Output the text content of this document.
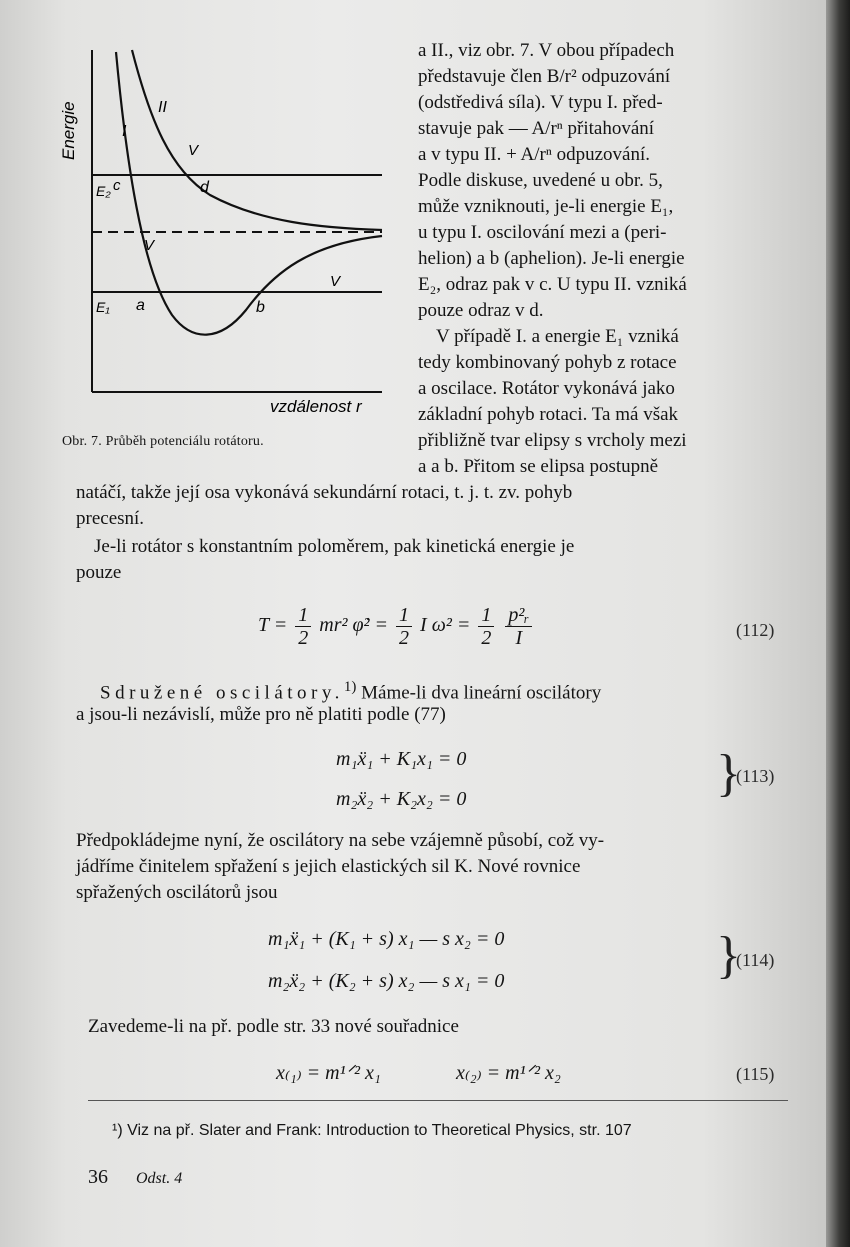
Energie
vzdálenost r
I
II
V
V
V
E₂ c	d
E₁ a	b
Obr. 7. Průběh potenciálu rotátoru.
a II., viz obr. 7. V obou případech
představuje člen B/r² odpuzování
(odstředivá síla). V typu I. před-
stavuje pak — A/rⁿ přitahování
a v typu II. + A/rⁿ odpuzování.
Podle diskuse, uvedené u obr. 5,
může vzniknouti, je-li energie E₁,
u typu I. oscilování mezi a (peri-
helion) a b (aphelion). Je-li energie
E₂, odraz pak v c. U typu II. vzniká
pouze odraz v d.
V případě I. a energie E₁ vzniká
tedy kombinovaný pohyb z rotace
a oscilace. Rotátor vykonává jako
základní pohyb rotaci. Ta má však
přibližně tvar elipsy s vrcholy mezi
a a b. Přitom se elipsa postupně
natáčí, takže její osa vykonává sekundární rotaci, t. j. t. zv. pohyb
precesní.
Je-li rotátor s konstantním poloměrem, pak kinetická energie je
pouze
$T = \frac{1}{2} mr^2$ φ̇² = $\frac{1}{2}$ I $\omega^2 = \frac{1}{2}$
$\frac{\text{p²ᵣ}}{I}$	(112)
Sdružené oscilátory.$^{1)}$ Máme-li dva lineární oscilátory
a jsou-li nezávislí, může pro ně platiti podle (77)
m₁ẍ₁ + K₁x₁ = 0
m₂ẍ₂ + K₂x₂ = 0	}
(113)
Předpokládejme nyní, že oscilátory na sebe vzájemně působí, což vy-
jádříme činitelem spřažení s jejich elastických sil K. Nové rovnice
spřažených oscilátorů jsou
m₁ẍ₁ + (K₁ + s) x₁ — s x₂ = 0
m₂ẍ₂ + (K₂ + s) x₂ — s x₁ = 0	}
(114)
Zavedeme-li na př. podle str. 33 nové souřadnice
x₍₁₎ = m¹ᐟ² x₁	x₍₂₎ = m¹ᐟ² x₂	(115)
¹) Viz na př. Slater and Frank: Introduction to Theoretical Physics, str. 107
36 Odst. 4
